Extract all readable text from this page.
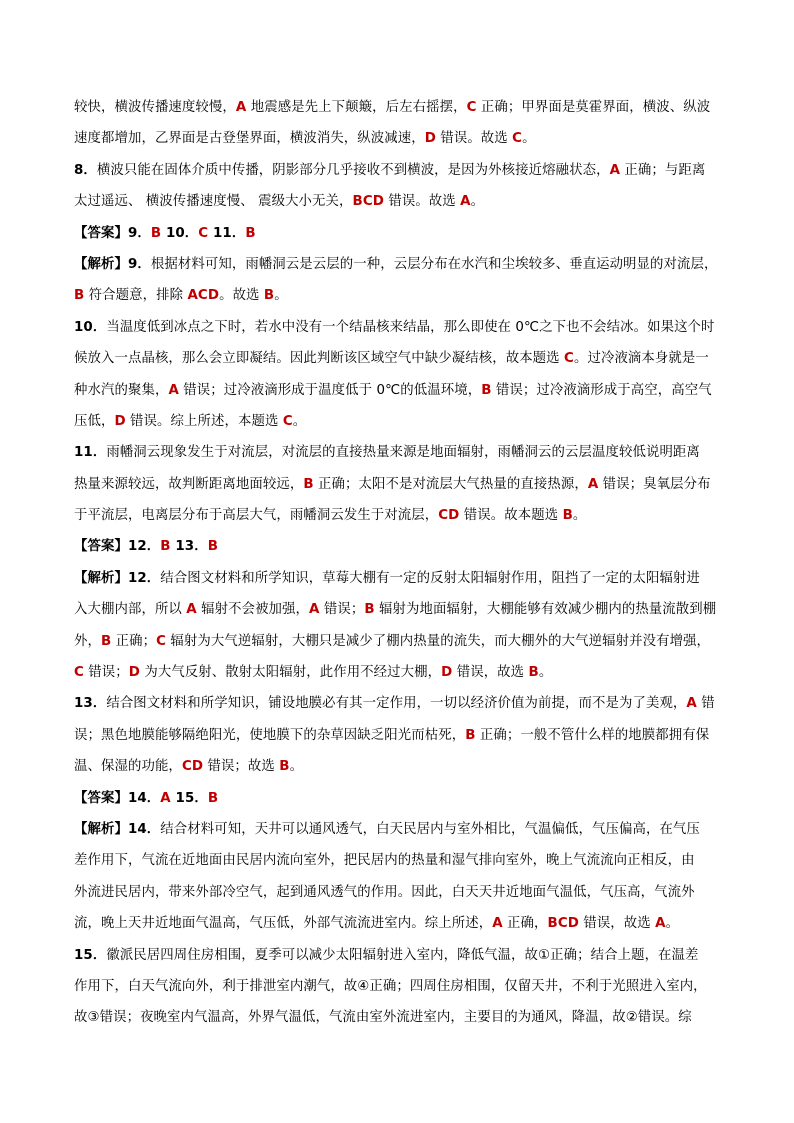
较快，横波传播速度较慢，A 地震感是先上下颠簸，后左右摇摆，C 正确；甲界面是莫霍界面，横波、纵波
速度都增加，乙界面是古登堡界面，横波消失，纵波减速，D 错误。故选 C。
8．横波只能在固体介质中传播，阴影部分几乎接收不到横波，是因为外核接近熔融状态，A 正确；与距离
太过遥远、 横波传播速度慢、 震级大小无关，BCD 错误。故选 A。
【答案】9．B 10．C 11．B
【解析】9．根据材料可知，雨幡洞云是云层的一种，云层分布在水汽和尘埃较多、垂直运动明显的对流层，
B 符合题意，排除 ACD。故选 B。
10．当温度低到冰点之下时，若水中没有一个结晶核来结晶，那么即使在 0℃之下也不会结冰。如果这个时
候放入一点晶核，那么会立即凝结。因此判断该区域空气中缺少凝结核，故本题选 C。过冷液滴本身就是一
种水汽的聚集，A 错误；过冷液滴形成于温度低于 0℃的低温环境，B 错误；过冷液滴形成于高空，高空气
压低，D 错误。综上所述，本题选 C。
11．雨幡洞云现象发生于对流层，对流层的直接热量来源是地面辐射，雨幡洞云的云层温度较低说明距离
热量来源较远，故判断距离地面较远，B 正确；太阳不是对流层大气热量的直接热源，A 错误；臭氧层分布
于平流层，电离层分布于高层大气，雨幡洞云发生于对流层，CD 错误。故本题选 B。
【答案】12．B 13．B
【解析】12．结合图文材料和所学知识，草莓大棚有一定的反射太阳辐射作用，阻挡了一定的太阳辐射进
入大棚内部，所以 A 辐射不会被加强，A 错误；B 辐射为地面辐射，大棚能够有效减少棚内的热量流散到棚
外，B 正确；C 辐射为大气逆辐射，大棚只是减少了棚内热量的流失，而大棚外的大气逆辐射并没有增强，
C 错误；D 为大气反射、散射太阳辐射，此作用不经过大棚，D 错误，故选 B。
13．结合图文材料和所学知识，铺设地膜必有其一定作用，一切以经济价值为前提，而不是为了美观，A 错
误；黑色地膜能够隔绝阳光，使地膜下的杂草因缺乏阳光而枯死，B 正确；一般不管什么样的地膜都拥有保
温、保湿的功能，CD 错误；故选 B。
【答案】14．A 15．B
【解析】14．结合材料可知，天井可以通风透气，白天民居内与室外相比，气温偏低，气压偏高，在气压
差作用下，气流在近地面由民居内流向室外，把民居内的热量和湿气排向室外，晚上气流流向正相反，由
外流进民居内，带来外部冷空气，起到通风透气的作用。因此，白天天井近地面气温低，气压高，气流外
流，晚上天井近地面气温高，气压低，外部气流流进室内。综上所述，A 正确，BCD 错误，故选 A。
15．徽派民居四周住房相围，夏季可以减少太阳辐射进入室内，降低气温，故①正确；结合上题，在温差
作用下，白天气流向外，利于排泄室内潮气，故④正确；四周住房相围，仅留天井，不利于光照进入室内，
故③错误；夜晚室内气温高，外界气温低，气流由室外流进室内，主要目的为通风，降温，故②错误。综
